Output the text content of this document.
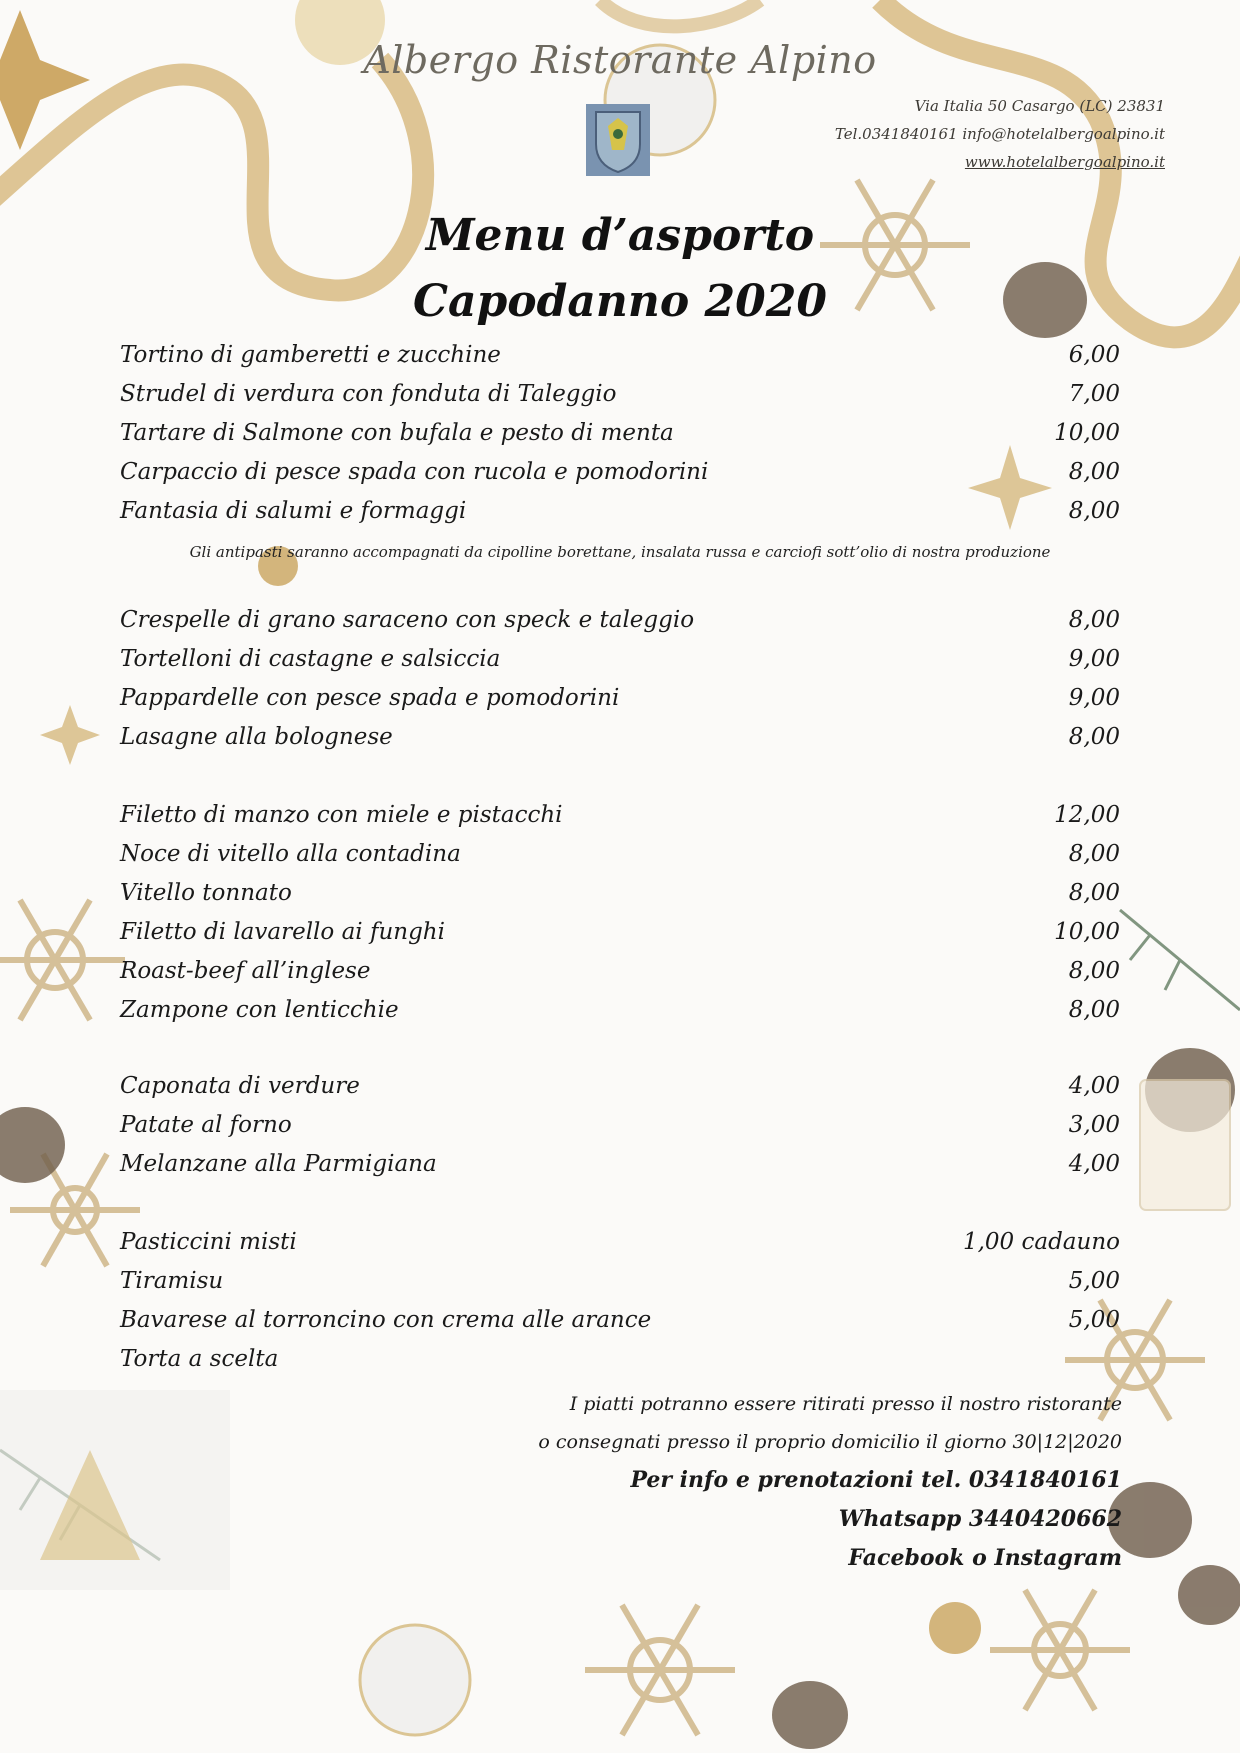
Albergo Ristorante Alpino
Via Italia 50 Casargo (LC) 23831
Tel.0341840161 info@hotelalbergoalpino.it
www.hotelalbergoalpino.it
Menu d’asporto
Capodanno 2020
Tortino di gamberetti e zucchine	6,00
Strudel di verdura con fonduta di Taleggio	7,00
Tartare di Salmone con bufala e pesto di menta	10,00
Carpaccio di pesce spada con rucola e pomodorini	8,00
Fantasia di salumi e formaggi	8,00
Gli antipasti saranno accompagnati da cipolline borettane, insalata russa e carciofi sott’olio di nostra produzione
Crespelle di grano saraceno con speck e taleggio	8,00
Tortelloni di castagne e salsiccia	9,00
Pappardelle con pesce spada e pomodorini	9,00
Lasagne alla bolognese	8,00
Filetto di manzo con miele e pistacchi	12,00
Noce di vitello alla contadina	8,00
Vitello tonnato	8,00
Filetto di lavarello ai funghi	10,00
Roast-beef all’inglese	8,00
Zampone con lenticchie	8,00
Caponata di verdure	4,00
Patate al forno	3,00
Melanzane alla Parmigiana	4,00
Pasticcini misti	1,00 cadauno
Tiramisu	5,00
Bavarese al torroncino con crema alle arance	5,00
Torta a scelta
I piatti potranno essere ritirati presso il nostro ristorante
o consegnati presso il proprio domicilio il giorno 30|12|2020
Per info e prenotazioni tel. 0341840161
Whatsapp 3440420662
Facebook o Instagram
